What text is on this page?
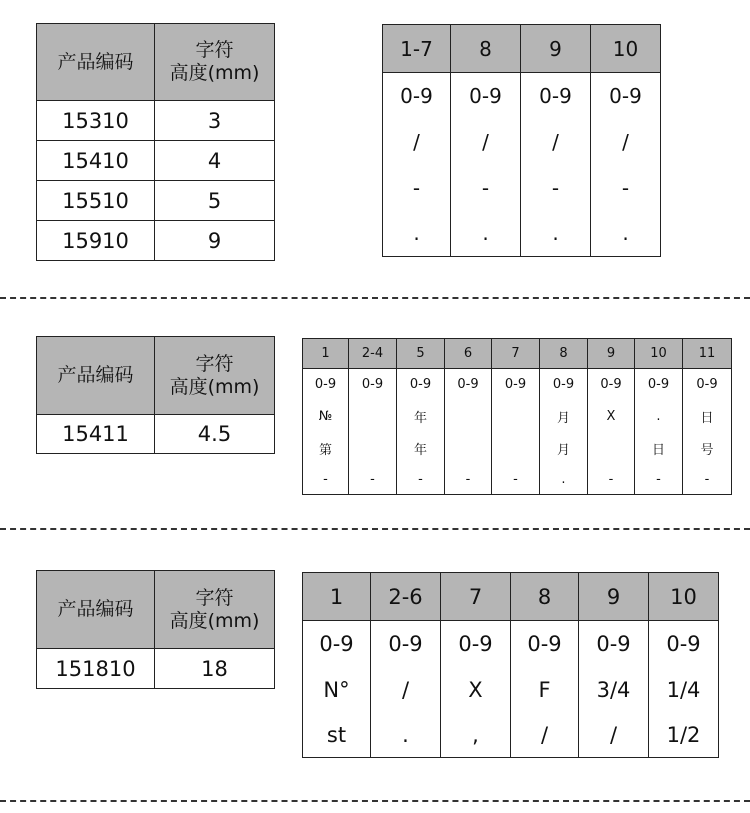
产品编码	字符
高度(mm)
15310	3
15410	4
15510	5
15910	9
1-7	8	9	10
0-9	0-9	0-9	0-9
/	/	/	/
-	-	-	-
.	.	.	.
产品编码	字符
高度(mm)
15411	4.5
1	2-4	5	6	7	8	9	10	11
0-9	0-9	0-9	0-9	0-9	0-9	0-9	0-9	0-9
№		年			月	X	.	日
第		年			月		日	号
-	-	-	-	-	.	-	-	-
产品编码	字符
高度(mm)
151810	18
1	2-6	7	8	9	10
0-9	0-9	0-9	0-9	0-9	0-9
N°	/	X	F	3/4	1/4
st	.	,	/	/	1/2
